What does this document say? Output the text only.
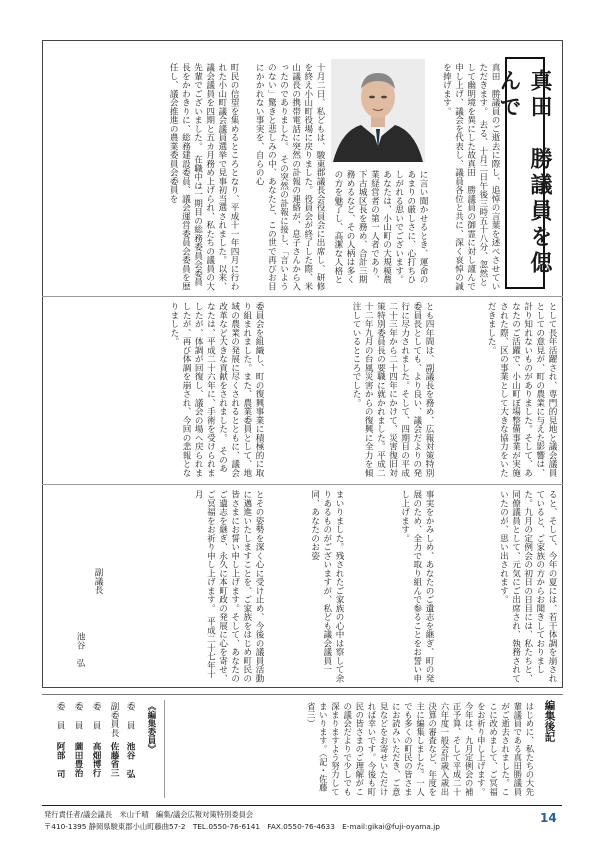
真田　勝議員を偲んで

真田　勝議員のご逝去に際し、追悼の言葉を述べさせていただきます。　去る、十月二日午後三時五十八分、忽然として幽明境を異にした故真田　勝議員の御霊に対し謹んで申し上げ、議会を代表し、議員各位と共に、深く哀悼の誠を捧げます。

十月二日、私どもは、駿東郡議長会役員会に出席し、研修を終え小山町役場に戻りました。役員会が終了した際、米山議長の携帯電話に突然の訃報の連絡が、息子さんから入ったのでありました。　その突然の訃報に接し、「言いようのない」驚きと悲しみの中、あなたと、この世で再びお目にかかれない事実を、自らの心

に言い聞かせるとき、運命のあまりの厳しさに、心打ちひしがれる思いでございます。　あなたは、小山町の大規模農業経営者の第一人者であり、下古城区長を務め、合計三期務めるなど、その人柄は多くの方を魅了し、高潔な人格と

町民の信望を集めるところとなり、平成十一年四月に行われた小山町議会議員選挙で見事初当選されました。以来、議会議員を四期と五カ月務め上げられ、私たちの議員の大先輩でございました。　在職中は一期目の総務委員会委員長をかわきりに、総務建設委員、議会運営委員会委員を歴任し、議会推進の農業委員会委員を

として長年活躍され、専門的見地と議会議員としての意見が、町の農業に与えた影響は、計り知れないものがありました。そして、あなたのご活躍で、小山町ぼ場整備事業が実施された際、区の事業として大きな協力をいただきました。

とも四年間は、副議長を務め、広報対策特別委員長としても、より良い、議会だよりの発行に尽力されました。そして、四期目の平成二十三年から二十四年にかけて、災害復旧対策特別委員長の要職に就かれました。平成二十二年九月の台風災害からの復興に全力を傾注しているところでした。

委員会を組織し、町の復興事業に積極的に取り組まれました。また、農業委員として、地域の農業の発展に尽くされるとともに、議会改革など大きな貢献をされました。　そのあなたは、平成二十六年に、手術を受けられましたが、体調が回復し、議会の場へ戻られましたが、再び体調を崩され、今回の悲報となりました。

ると、そして、今年の夏には、若干体調を崩されていると、ご家族の方からお聞きしておりました。九月の定例会の初日の日目には、私たちと、同僚議員として、元気にご出席され、執務されていたのが、思い出されます。

事実をかみしめ、あなたのご遺志を継ぎ、町の発展のため、全力で取り組んで参ることをお誓い申し上げます。

まいりました。残されたご家族の心中は察して余りあるものがございますが、私ども議会議員一同、あなたのお姿

とその姿勢を深く心に受け止め、今後の議員活動に邁進いたしますことを、ご家族をはじめ町民の皆さまにお誓い申し上げます。そして、あなたのご遺志を継ぎ、永久に本町政の発展に心を寄せ、ご冥福をお祈り申し上げます。　平成二十七年十月

副議長

池谷　弘

編集後記

はじめに、私たちの大先輩議員である真田勝議員がご逝去されました。ここに改めまして、ご冥福をお祈り申し上げます。今年は、九月定例会の補正予算、そして平成二十六年度一般会計歳入歳出決算の審査など、年度を主に編集しました。一人でも多くの町民の皆さまにお読みいただき、ご意見などをお寄せいただければ幸いです。今後も町民の皆さまのご理解がこの議会だよりで少しでも深まりますよう努力してまいります。（記・佐藤省三）

《編集委員》

委 員

池谷 弘

副委員長

佐藤省三

委 員

高畑博行

委 員

薗田豊治

委 員

阿部 司

発行責任者/議会議長　米山千晴　編集/議会広報対策特別委員会
〒410-1395 静岡県駿東郡小山町藤曲57-2　TEL.0550-76-6141　FAX.0550-76-4633　E-mail:gikai@fuji-oyama.jp
14
